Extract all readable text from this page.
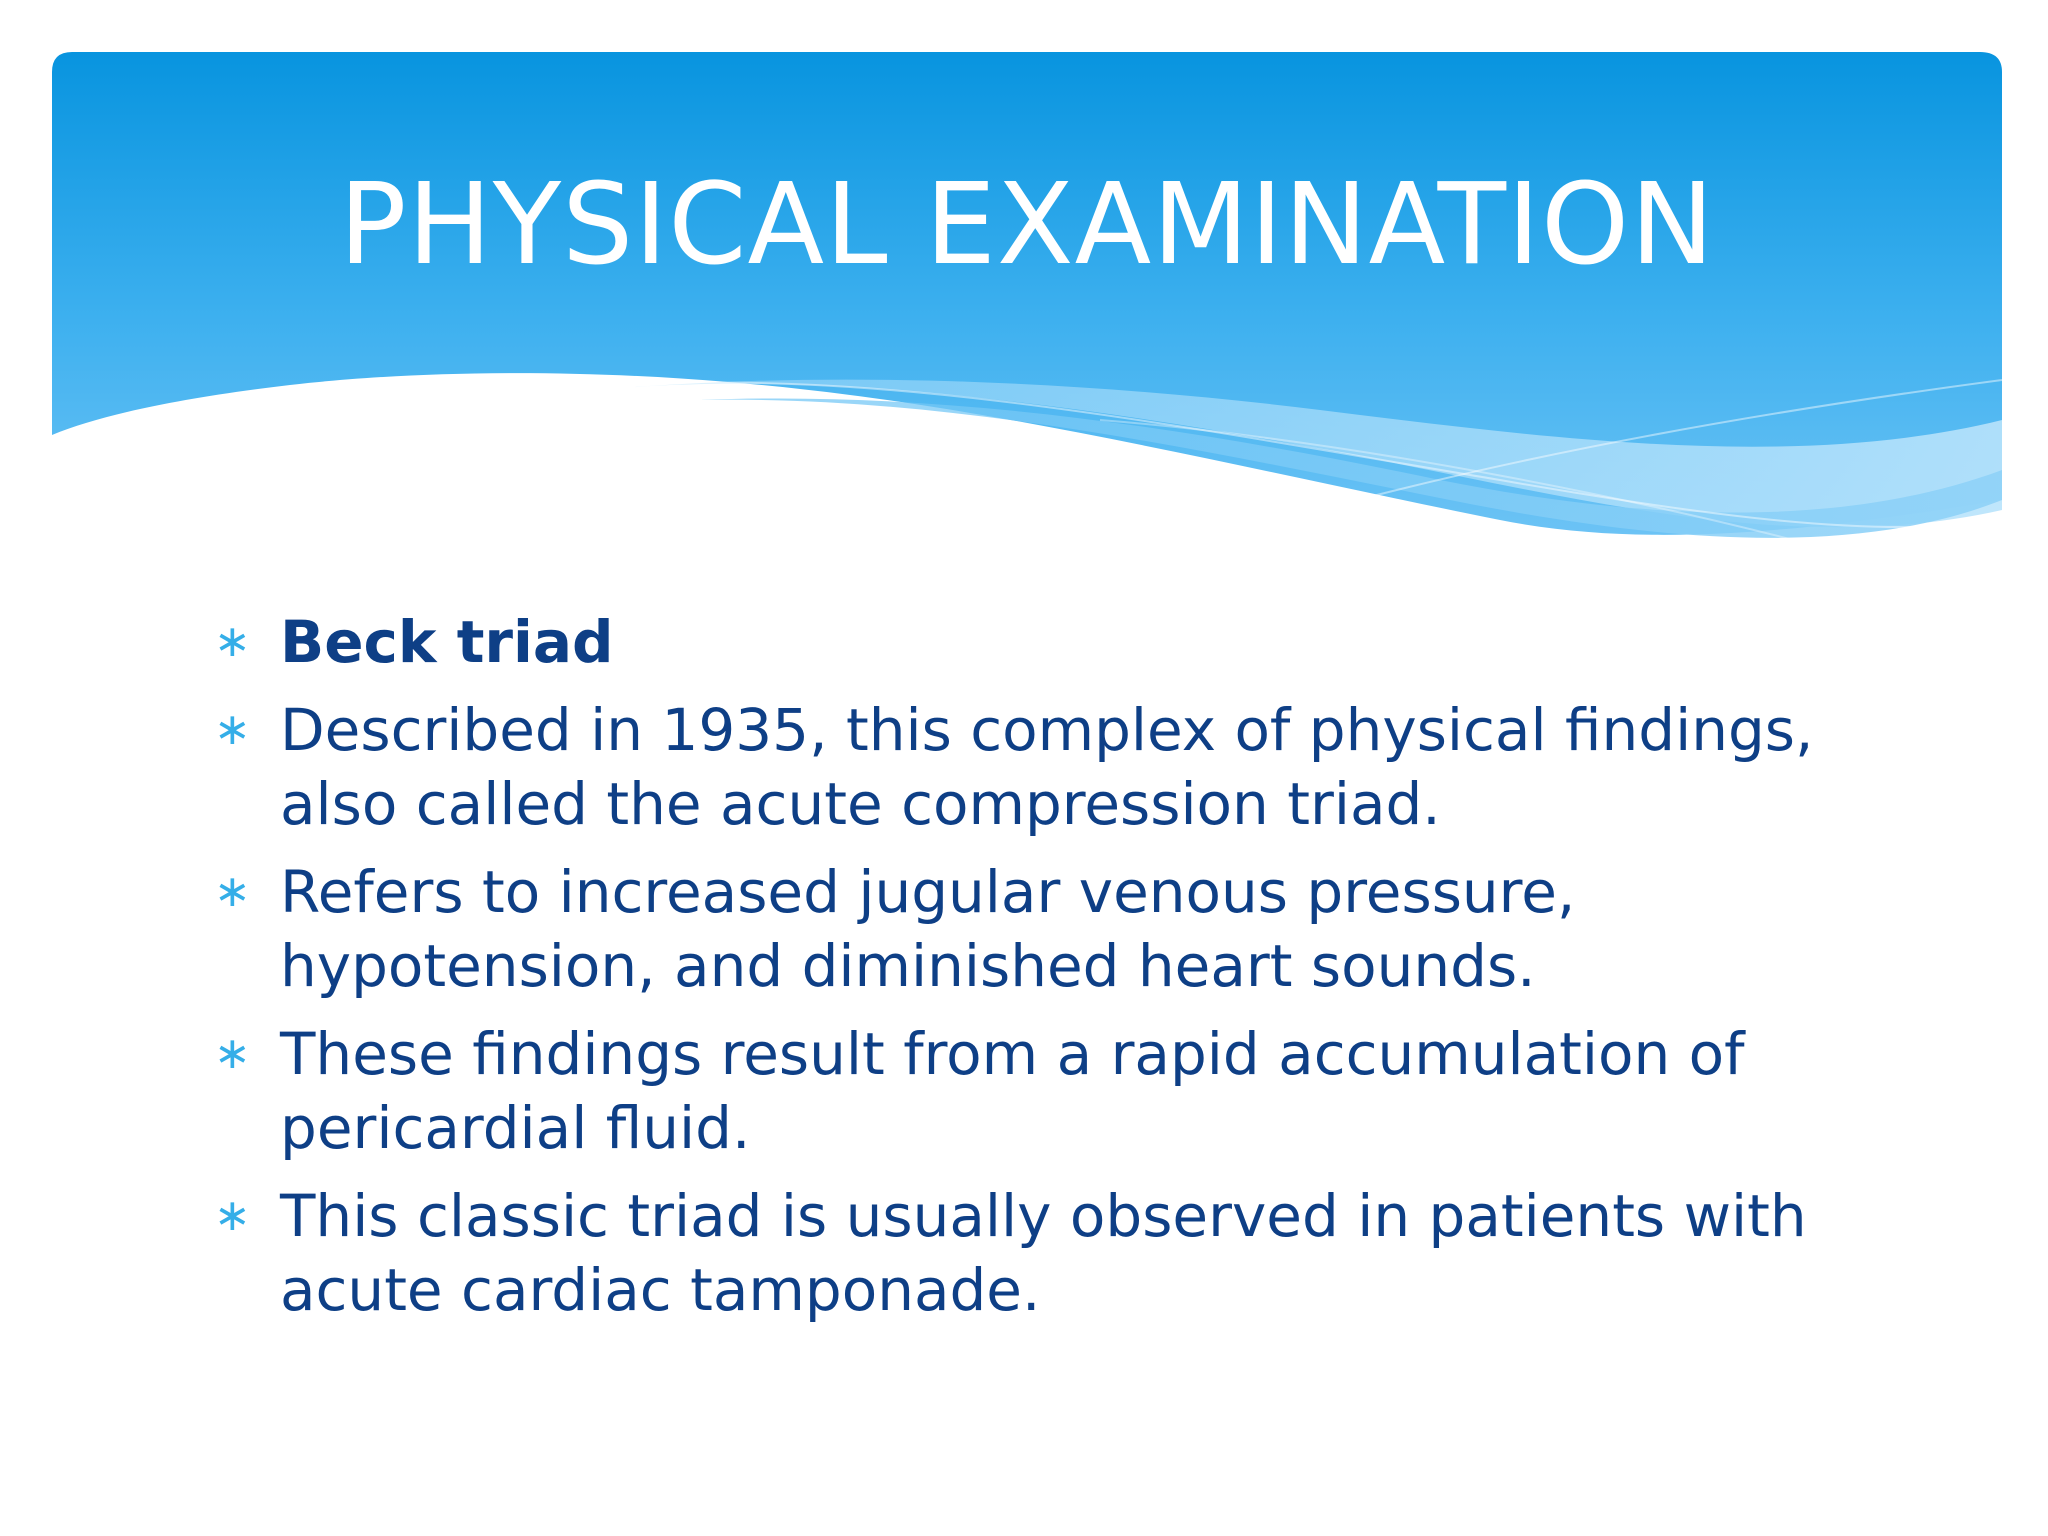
PHYSICAL EXAMINATION
∗ Beck triad
∗ Described in 1935, this complex of physical findings, also called the acute compression triad.
∗ Refers to increased jugular venous pressure, hypotension, and diminished heart sounds.
∗ These findings result from a rapid accumulation of pericardial fluid.
∗ This classic triad is usually observed in patients with acute cardiac tamponade.
